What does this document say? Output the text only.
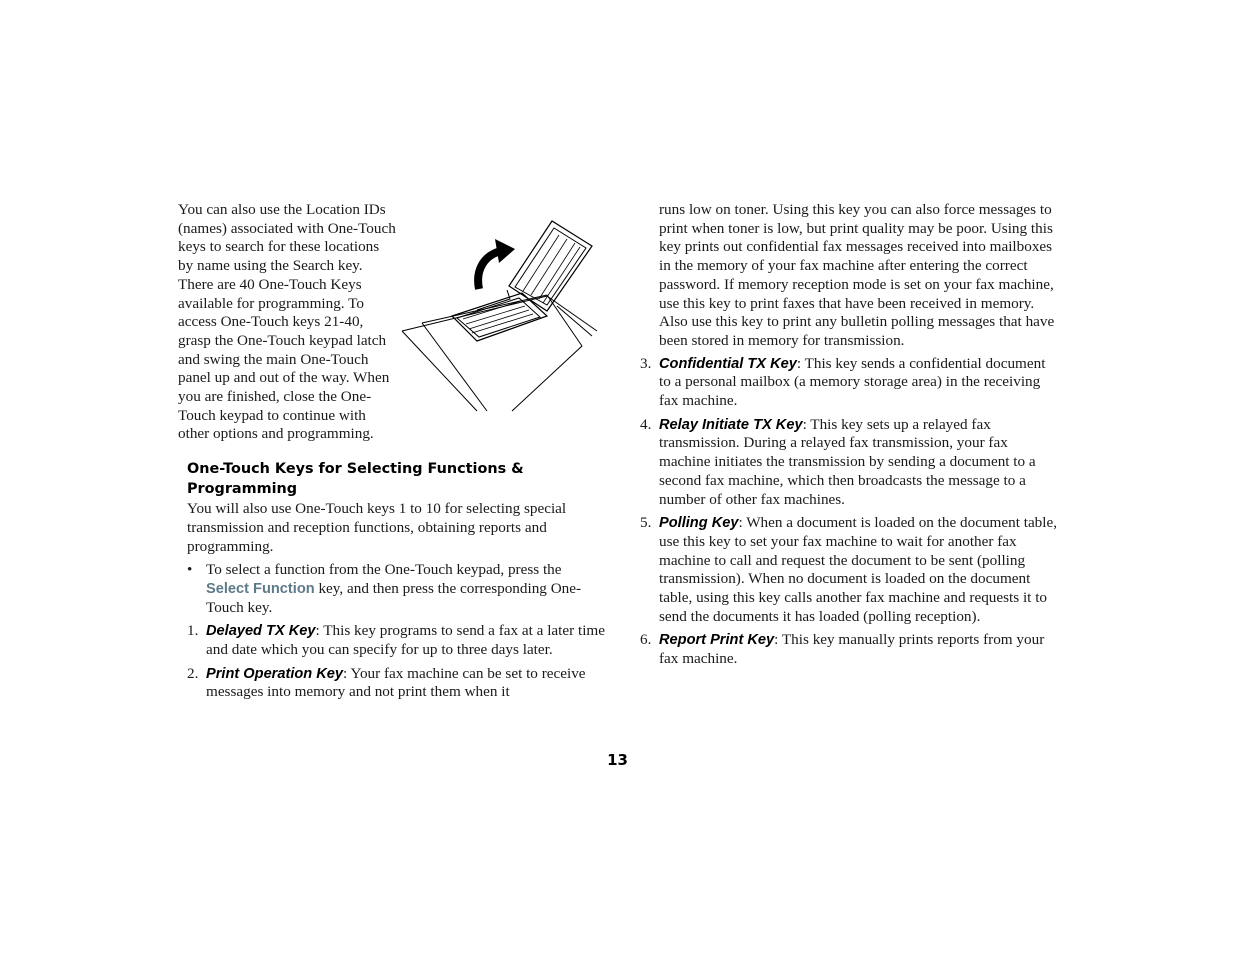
You can also use the Location IDs (names) associated with One-Touch keys to search for these locations by name using the Search key. There are 40 One-Touch Keys available for programming. To access One-Touch keys 21-40, grasp the One-Touch keypad latch and swing the main One-Touch panel up and out of the way. When you are finished, close the One-Touch keypad to continue with other options and programming.

One-Touch Keys for Selecting Functions & Programming

You will also use One-Touch keys 1 to 10 for selecting special transmission and reception functions, obtaining reports and programming.

• To select a function from the One-Touch keypad, press the Select Function key, and then press the corresponding One-Touch key.
1. Delayed TX Key: This key programs to send a fax at a later time and date which you can specify for up to three days later.
2. Print Operation Key: Your fax machine can be set to receive messages into memory and not print them when it

runs low on toner. Using this key you can also force messages to print when toner is low, but print quality may be poor. Using this key prints out confidential fax messages received into mailboxes in the memory of your fax machine after entering the correct password. If memory reception mode is set on your fax machine, use this key to print faxes that have been received in memory. Also use this key to print any bulletin polling messages that have been stored in memory for transmission.

3. Confidential TX Key: This key sends a confidential document to a personal mailbox (a memory storage area) in the receiving fax machine.
4. Relay Initiate TX Key: This key sets up a relayed fax transmission. During a relayed fax transmission, your fax machine initiates the transmission by sending a document to a second fax machine, which then broadcasts the message to a number of other fax machines.
5. Polling Key: When a document is loaded on the document table, use this key to set your fax machine to wait for another fax machine to call and request the document to be sent (polling transmission). When no document is loaded on the document table, using this key calls another fax machine and requests it to send the documents it has loaded (polling reception).
6. Report Print Key: This key manually prints reports from your fax machine.
13
